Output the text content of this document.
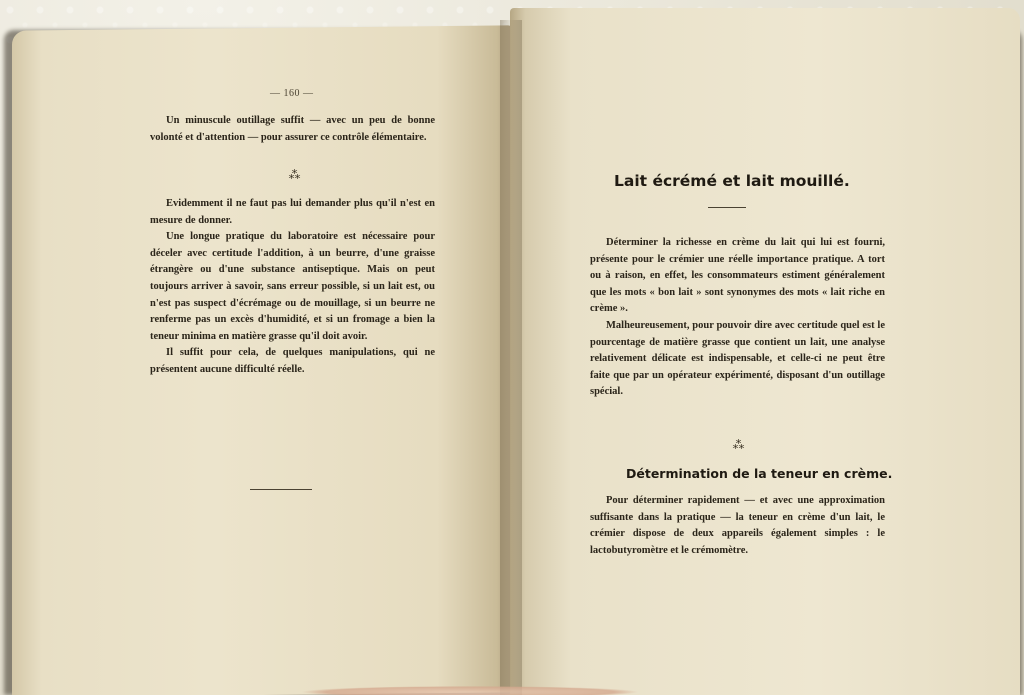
— 160 —

Un minuscule outillage suffit — avec un peu de bonne volonté et d'attention — pour assurer ce contrôle élémentaire.

⁂

Evidemment il ne faut pas lui demander plus qu'il n'est en mesure de donner.

Une longue pratique du laboratoire est nécessaire pour déceler avec certitude l'addition, à un beurre, d'une graisse étrangère ou d'une substance antiseptique. Mais on peut toujours arriver à savoir, sans erreur possible, si un lait est, ou n'est pas suspect d'écrémage ou de mouillage, si un beurre ne renferme pas un excès d'humidité, et si un fromage a bien la teneur minima en matière grasse qu'il doit avoir.

Il suffit pour cela, de quelques manipulations, qui ne présentent aucune difficulté réelle.

Lait écrémé et lait mouillé.

Déterminer la richesse en crème du lait qui lui est fourni, présente pour le crémier une réelle importance pratique. A tort ou à raison, en effet, les consommateurs estiment généralement que les mots « bon lait » sont synonymes des mots « lait riche en crème ».

Malheureusement, pour pouvoir dire avec certitude quel est le pourcentage de matière grasse que contient un lait, une analyse relativement délicate est indispensable, et celle-ci ne peut être faite que par un opérateur expérimenté, disposant d'un outillage spécial.

⁂
Détermination de la teneur en crème.

Pour déterminer rapidement — et avec une approximation suffisante dans la pratique — la teneur en crème d'un lait, le crémier dispose de deux appareils également simples : le lactobutyromètre et le crémomètre.
